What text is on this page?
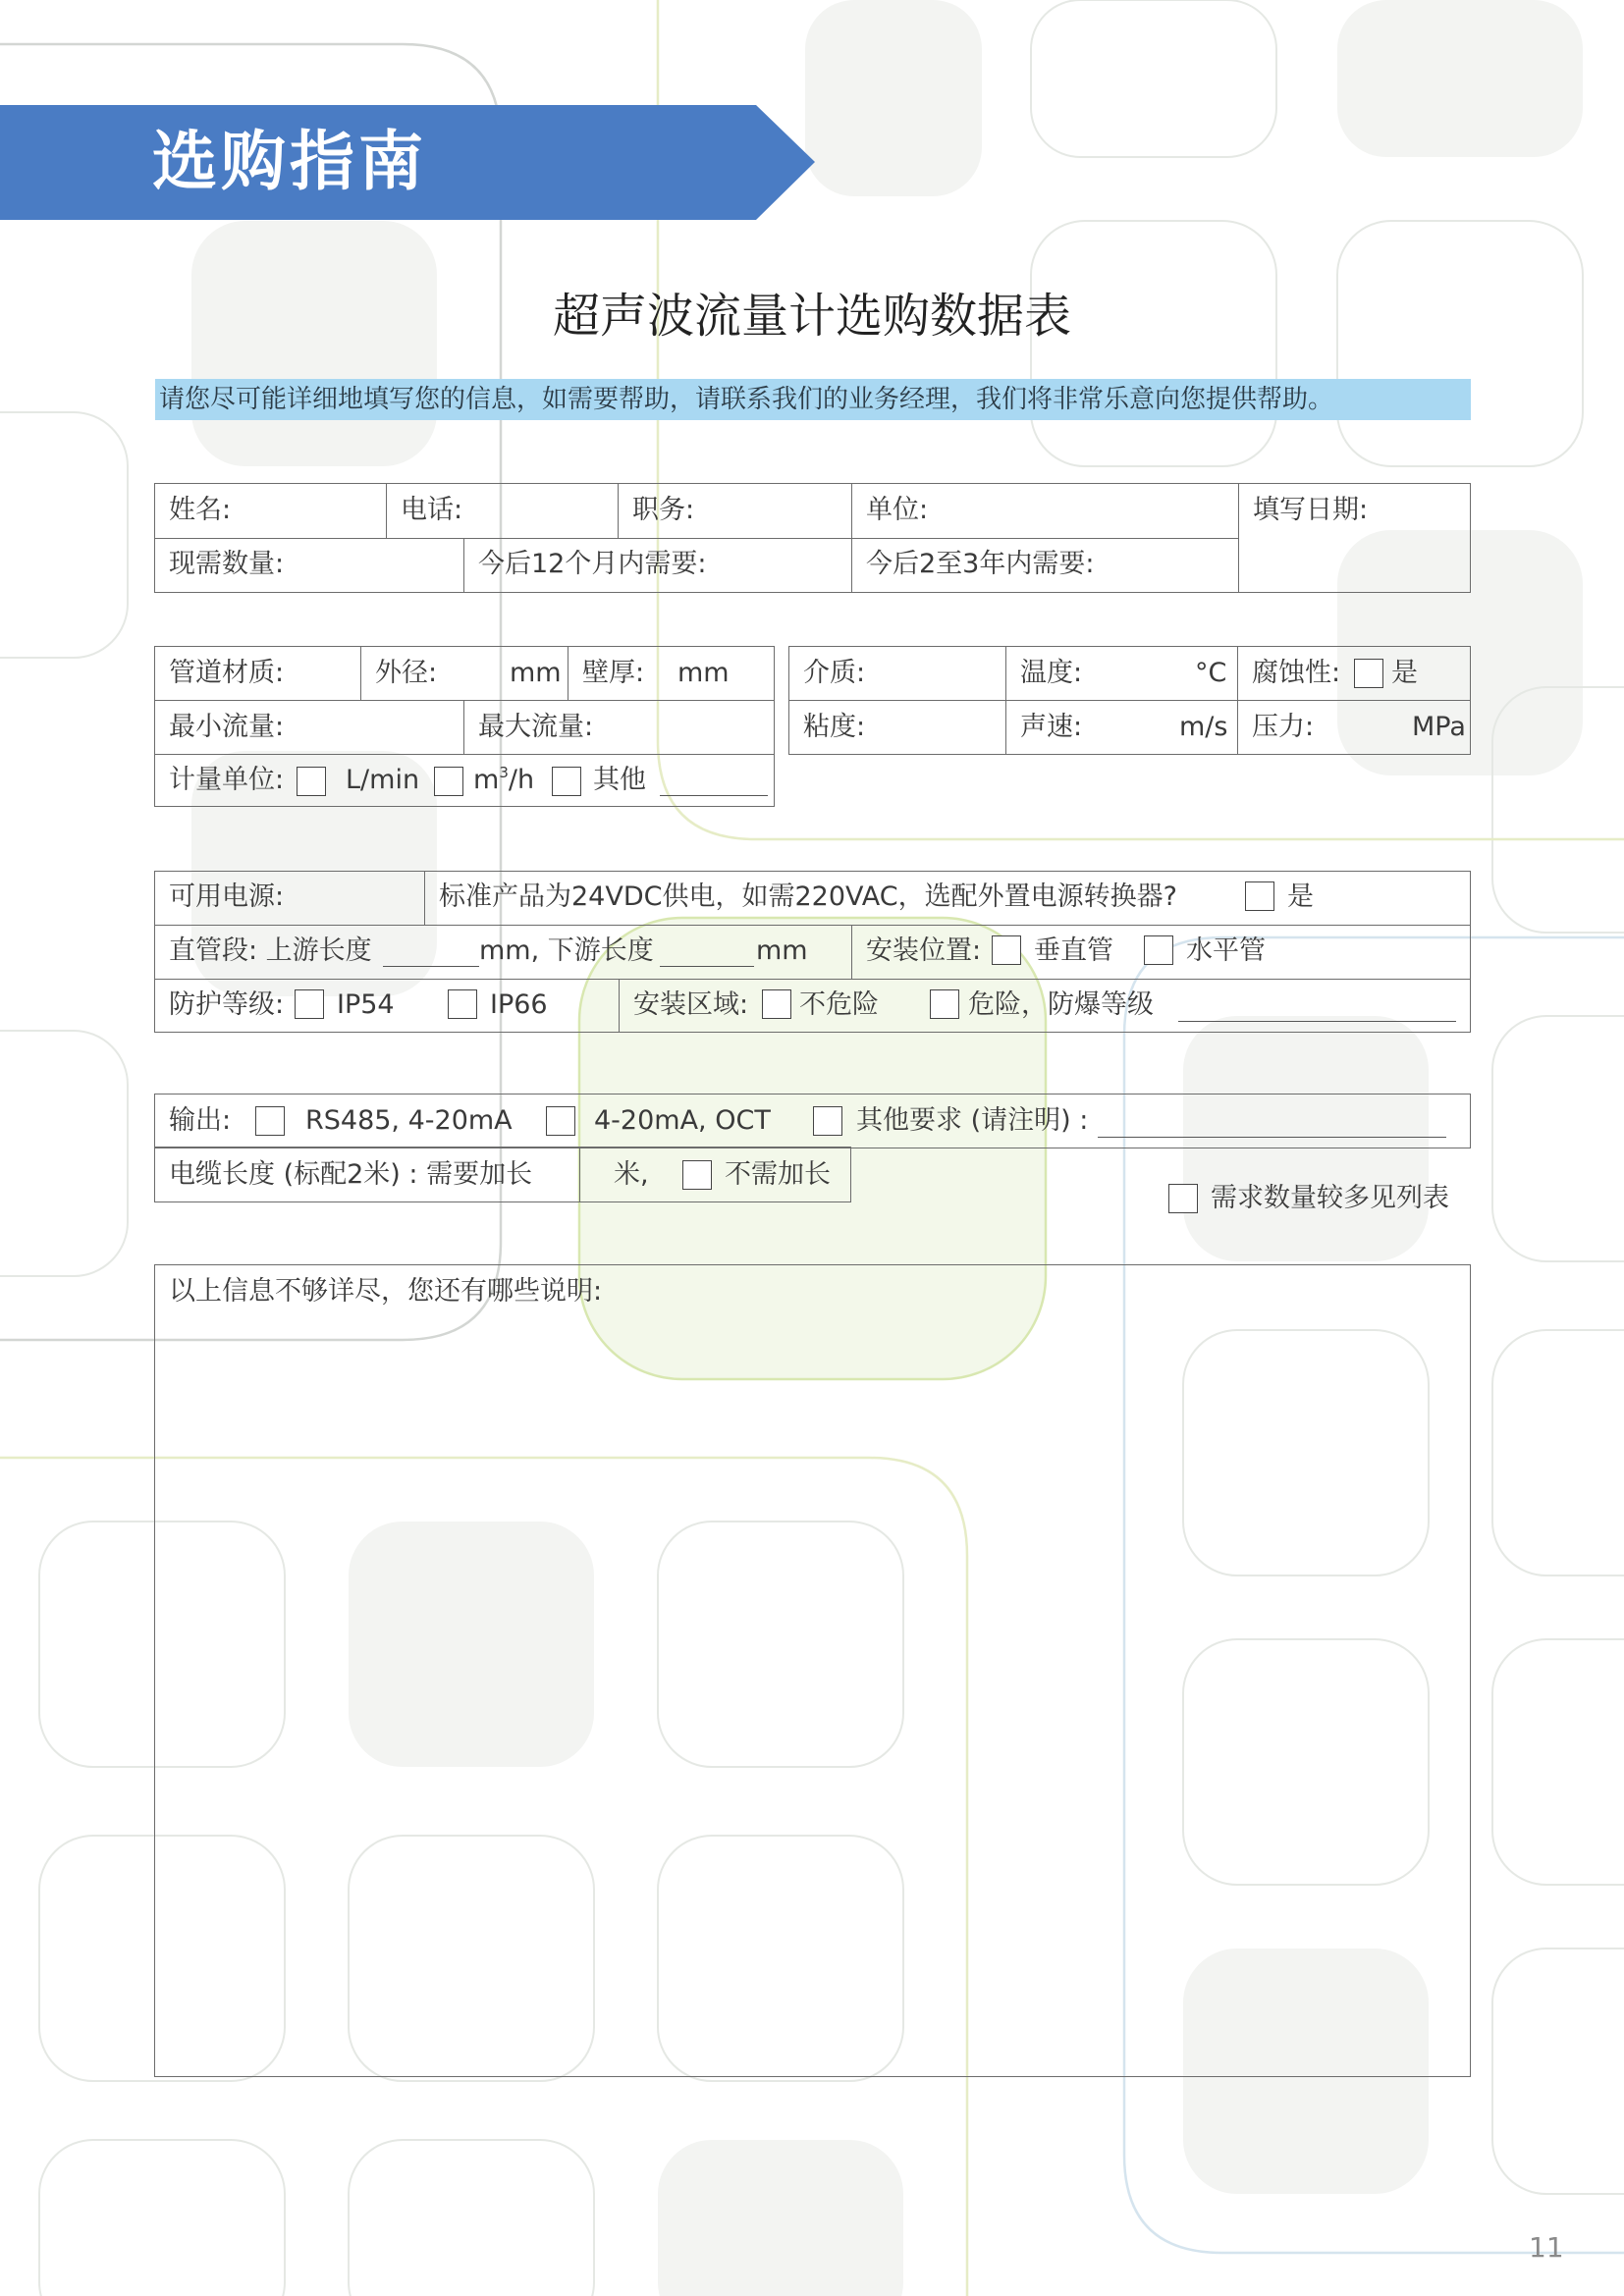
选购指南
超声波流量计选购数据表
请您尽可能详细地填写您的信息，如需要帮助，请联系我们的业务经理，我们将非常乐意向您提供帮助。
姓名:	电话:	职务:	单位:	填写日期:
现需数量:	今后12个月内需要:	今后2至3年内需要:
管道材质:	外径:	mm 壁厚: mm
最小流量:	最大流量:
计量单位: L/min $m^3/h$ 其他
介质:	温度:	°C 腐蚀性: 是
粘度:	声速:	m/s 压力:	MPa
可用电源:	标准产品为24VDC供电，如需220VAC，选配外置电源转换器?	是
直管段: 上游长度	mm, 下游长度	mm 安装位置: 垂直管	水平管
防护等级: IP54	IP66	安装区域: 不危险	危险，防爆等级
输出:	RS485, 4-20mA	4-20mA, OCT	其他要求 (请注明) :
电缆长度 (标配2米) : 需要加长	米,	不需加长
需求数量较多见列表
以上信息不够详尽，您还有哪些说明:
11
